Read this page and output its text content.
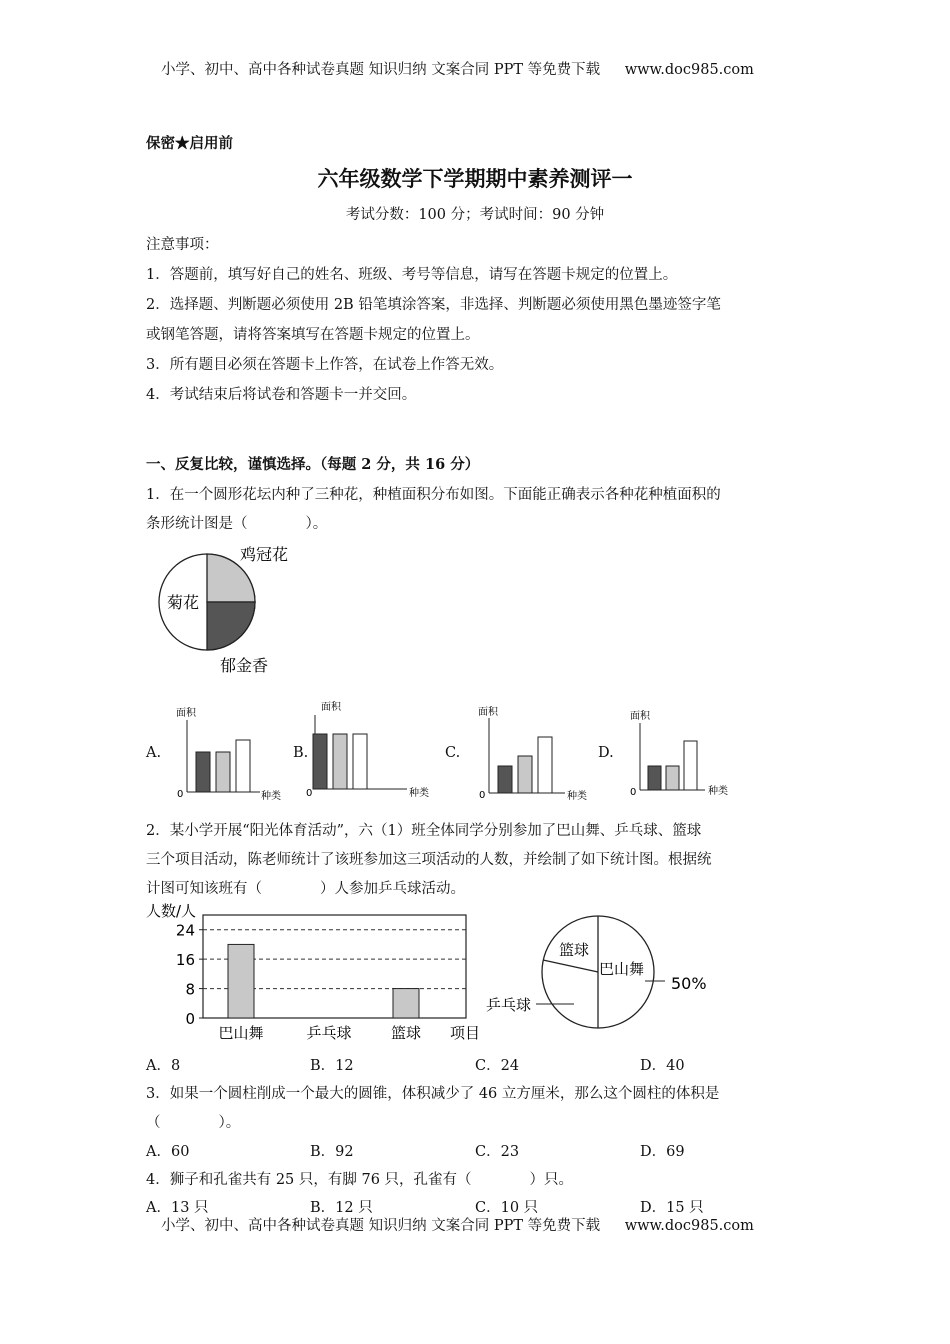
小学、初中、高中各种试卷真题 知识归纳 文案合同 PPT 等免费下载 www.doc985.com
小学、初中、高中各种试卷真题 知识归纳 文案合同 PPT 等免费下载 www.doc985.com
保密★启用前
六年级数学下学期期中素养测评一
考试分数：100 分；考试时间：90 分钟
注意事项：
1．答题前，填写好自己的姓名、班级、考号等信息，请写在答题卡规定的位置上。
2．选择题、判断题必须使用 2B 铅笔填涂答案，非选择、判断题必须使用黑色墨迹签字笔
或钢笔答题，请将答案填写在答题卡规定的位置上。
3．所有题目必须在答题卡上作答，在试卷上作答无效。
4．考试结束后将试卷和答题卡一并交回。
一、反复比较，谨慎选择。（每题 2 分，共 16 分）
1．在一个圆形花坛内种了三种花，种植面积分布如图。下面能正确表示各种花种植面积的
条形统计图是（　　　　）。
鸡冠花
菊花
郁金香
A.
面积
0	种类
B.
面积
0	种类
C.
面积
0	种类
D.
面积
0	种类
2．某小学开展“阳光体育活动”，六（1）班全体同学分别参加了巴山舞、乒乓球、篮球
三个项目活动，陈老师统计了该班参加这三项活动的人数，并绘制了如下统计图。根据统
计图可知该班有（　　　　）人参加乒乓球活动。
人数/人
0
8
16
24
巴山舞	乒乓球	篮球 项目
篮球
巴山舞
50%
乒乓球
A．8	B．12	C．24	D．40
3．如果一个圆柱削成一个最大的圆锥，体积减少了 46 立方厘米，那么这个圆柱的体积是
（　　　　）。
A．60	B．92	C．23	D．69
4．狮子和孔雀共有 25 只，有脚 76 只，孔雀有（　　　　）只。
A．13 只	B．12 只	C．10 只	D．15 只
